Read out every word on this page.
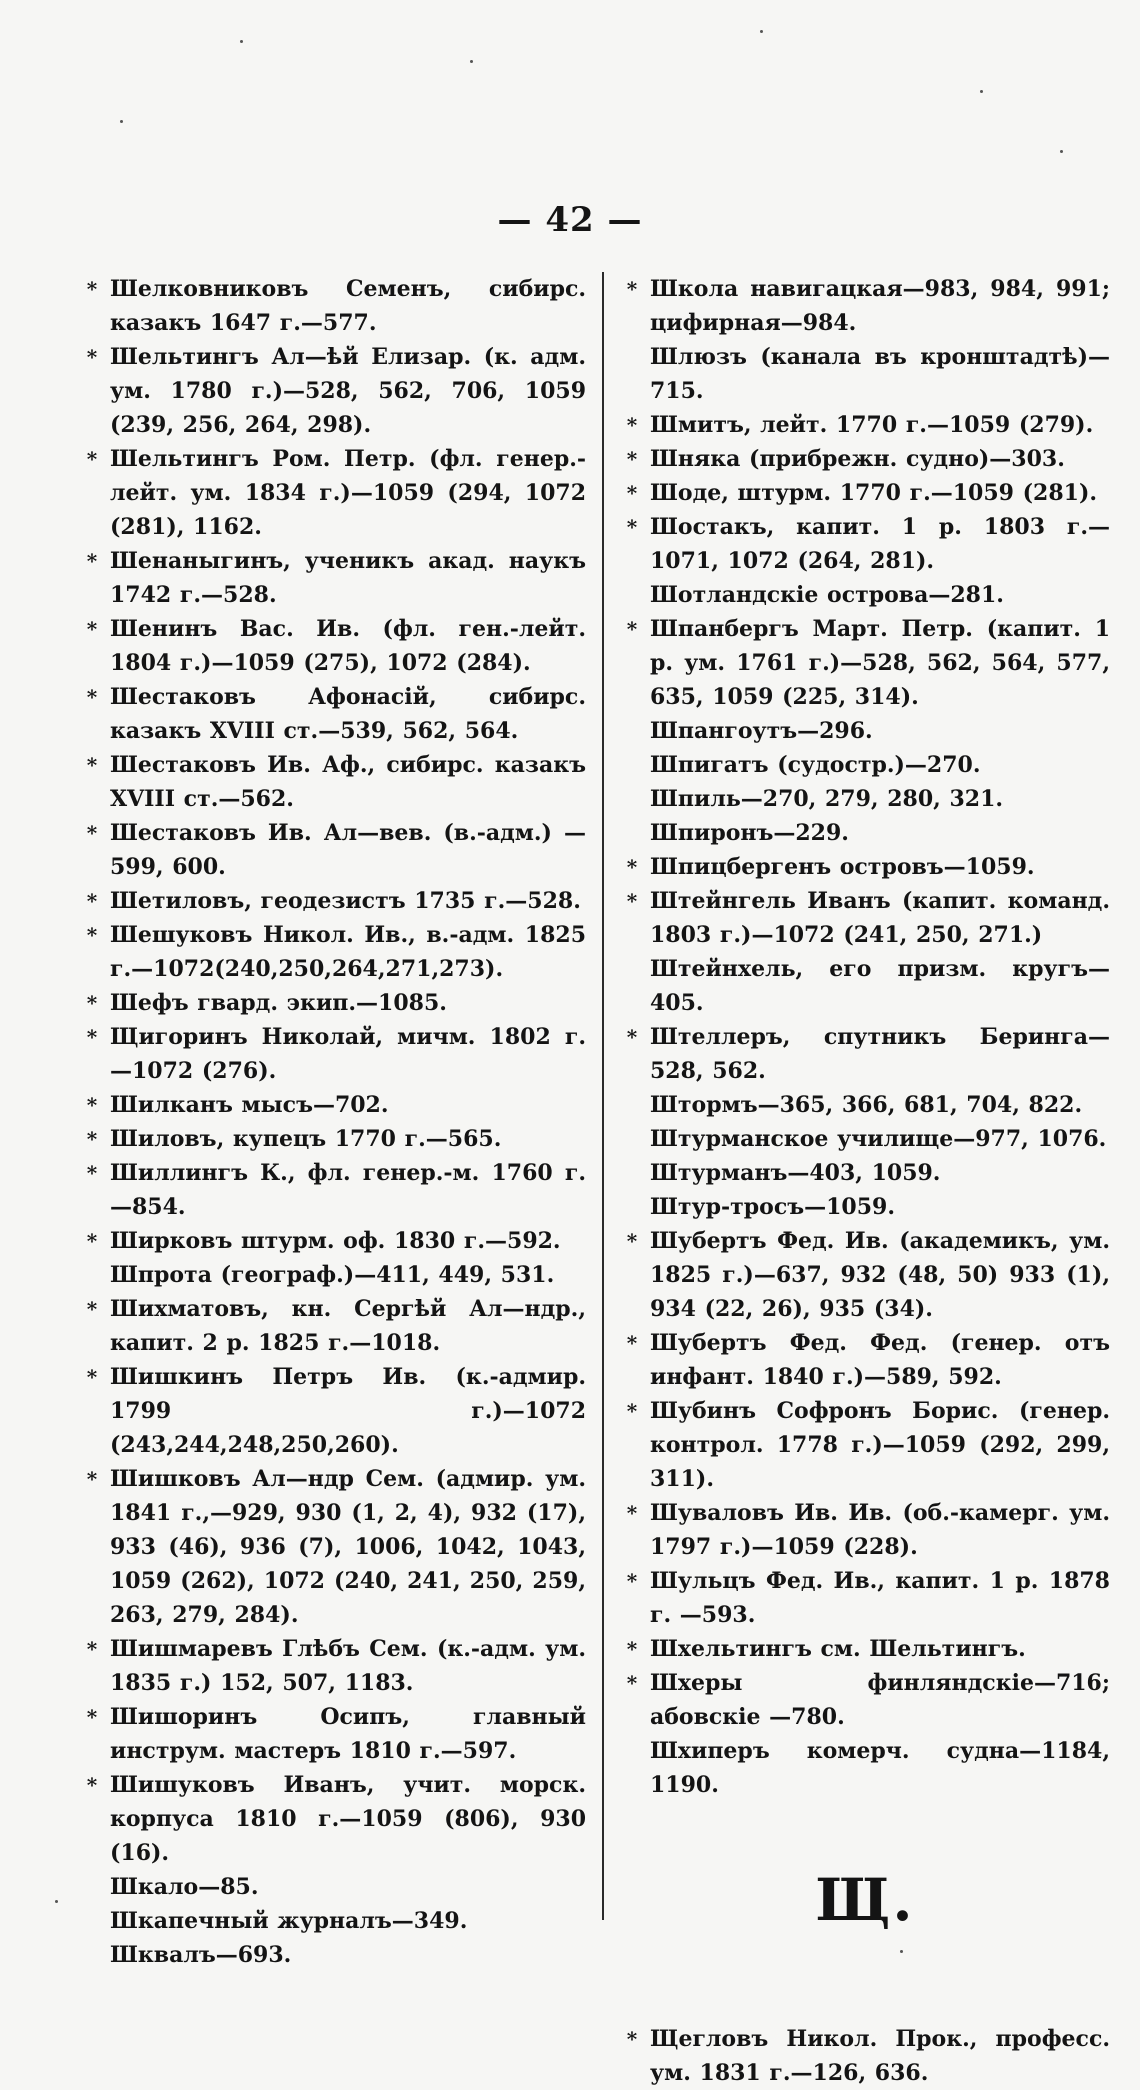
— 42 —
* Шелковниковъ Семенъ, сибирс. казакъ 1647 г.—577.
* Шельтингъ Ал—ѣй Елизар. (к. адм. ум. 1780 г.)—528, 562, 706, 1059 (239, 256, 264, 298).
* Шельтингъ Ром. Петр. (фл. генер.-лейт. ум. 1834 г.)—1059 (294, 1072 (281), 1162.
* Шенаныгинъ, ученикъ акад. наукъ 1742 г.—528.
* Шенинъ Вас. Ив. (фл. ген.-лейт. 1804 г.)—1059 (275), 1072 (284).
* Шестаковъ Афонасій, сибирс. казакъ XVIII ст.—539, 562, 564.
* Шестаковъ Ив. Аф., сибирс. казакъ XVIII ст.—562.
* Шестаковъ Ив. Ал—вев. (в.-адм.) —599, 600.
* Шетиловъ, геодезистъ 1735 г.—528.
* Шешуковъ Никол. Ив., в.-адм. 1825 г.—1072(240,250,264,271,273).
* Шефъ гвард. экип.—1085.
* Щигоринъ Николай, мичм. 1802 г. —1072 (276).
* Шилканъ мысъ—702.
* Шиловъ, купецъ 1770 г.—565.
* Шиллингъ К., фл. генер.-м. 1760 г. —854.
* Ширковъ штурм. оф. 1830 г.—592.
Шпрота (географ.)—411, 449, 531.
* Шихматовъ, кн. Сергѣй Ал—ндр., капит. 2 р. 1825 г.—1018.
* Шишкинъ Петръ Ив. (к.-адмир. 1799 г.)—1072 (243,244,248,250,260).
* Шишковъ Ал—ндр Сем. (адмир. ум. 1841 г.,—929, 930 (1, 2, 4), 932 (17), 933 (46), 936 (7), 1006, 1042, 1043, 1059 (262), 1072 (240, 241, 250, 259, 263, 279, 284).
* Шишмаревъ Глѣбъ Сем. (к.-адм. ум. 1835 г.) 152, 507, 1183.
* Шишоринъ Осипъ, главный инструм. мастеръ 1810 г.—597.
* Шишуковъ Иванъ, учит. морск. корпуса 1810 г.—1059 (806), 930 (16).
Шкало—85.
Шкапечный журналъ—349.
Шквалъ—693.
* Школа навигацкая—983, 984, 991; цифирная—984.
Шлюзъ (канала въ кронштадтѣ)—715.
* Шмитъ, лейт. 1770 г.—1059 (279).
* Шняка (прибрежн. судно)—303.
* Шоде, штурм. 1770 г.—1059 (281).
* Шостакъ, капит. 1 р. 1803 г.—1071, 1072 (264, 281).
Шотландскіе острова—281.
* Шпанбергъ Март. Петр. (капит. 1 р. ум. 1761 г.)—528, 562, 564, 577, 635, 1059 (225, 314).
Шпангоутъ—296.
Шпигатъ (судостр.)—270.
Шпиль—270, 279, 280, 321.
Шпиронъ—229.
* Шпицбергенъ островъ—1059.
* Штейнгель Иванъ (капит. команд. 1803 г.)—1072 (241, 250, 271.)
Штейнхель, его призм. кругъ—405.
* Штеллеръ, спутникъ Беринга—528, 562.
Штормъ—365, 366, 681, 704, 822.
Штурманское училище—977, 1076.
Штурманъ—403, 1059.
Штур-тросъ—1059.
* Шубертъ Фед. Ив. (академикъ, ум. 1825 г.)—637, 932 (48, 50) 933 (1), 934 (22, 26), 935 (34).
* Шубертъ Фед. Фед. (генер. отъ инфант. 1840 г.)—589, 592.
* Шубинъ Софронъ Борис. (генер. контрол. 1778 г.)—1059 (292, 299, 311).
* Шуваловъ Ив. Ив. (об.-камерг. ум. 1797 г.)—1059 (228).
* Шульцъ Фед. Ив., капит. 1 р. 1878 г. —593.
* Шхельтингъ см. Шельтингъ.
* Шхеры финляндскіе—716; абовскіе —780.
Шхиперъ комерч. судна—1184, 1190.
Щ.
* Щегловъ Никол. Прок., професс. ум. 1831 г.—126, 636.
